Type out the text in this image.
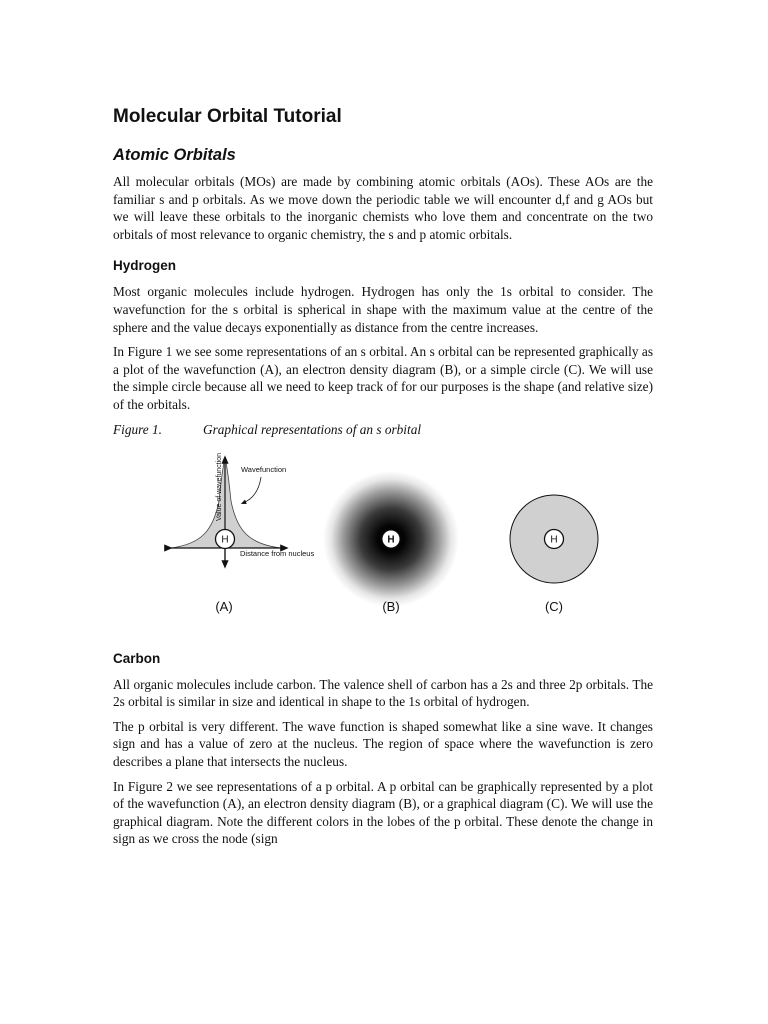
Molecular Orbital Tutorial
Atomic Orbitals

All molecular orbitals (MOs) are made by combining atomic orbitals (AOs). These AOs are the familiar s and p orbitals. As we move down the periodic table we will encounter d,f and g AOs but we will leave these orbitals to the inorganic chemists who love them and concentrate on the two orbitals of most relevance to organic chemistry, the s and p atomic orbitals.

Hydrogen

Most organic molecules include hydrogen. Hydrogen has only the 1s orbital to consider. The wavefunction for the s orbital is spherical in shape with the maximum value at the centre of the sphere and the value decays exponentially as distance from the centre increases.

In Figure 1 we see some representations of an s orbital. An s orbital can be represented graphically as a plot of the wavefunction (A), an electron density diagram (B), or a simple circle (C). We will use the simple circle because all we need to keep track of for our purposes is the shape (and relative size) of the orbitals.

Figure 1.	Graphical representations of an s orbital
Value of wavefunction Wavefunction
H
Distance from nucleus
(A)
H
(B)
H
(C)
Carbon

All organic molecules include carbon. The valence shell of carbon has a 2s and three 2p orbitals. The 2s orbital is similar in size and identical in shape to the 1s orbital of hydrogen.

The p orbital is very different. The wave function is shaped somewhat like a sine wave. It changes sign and has a value of zero at the nucleus. The region of space where the wavefunction is zero describes a plane that intersects the nucleus.

In Figure 2 we see representations of a p orbital. A p orbital can be graphically represented by a plot of the wavefunction (A), an electron density diagram (B), or a graphical diagram (C). We will use the graphical diagram. Note the different colors in the lobes of the p orbital. These denote the change in sign as we cross the node (sign
